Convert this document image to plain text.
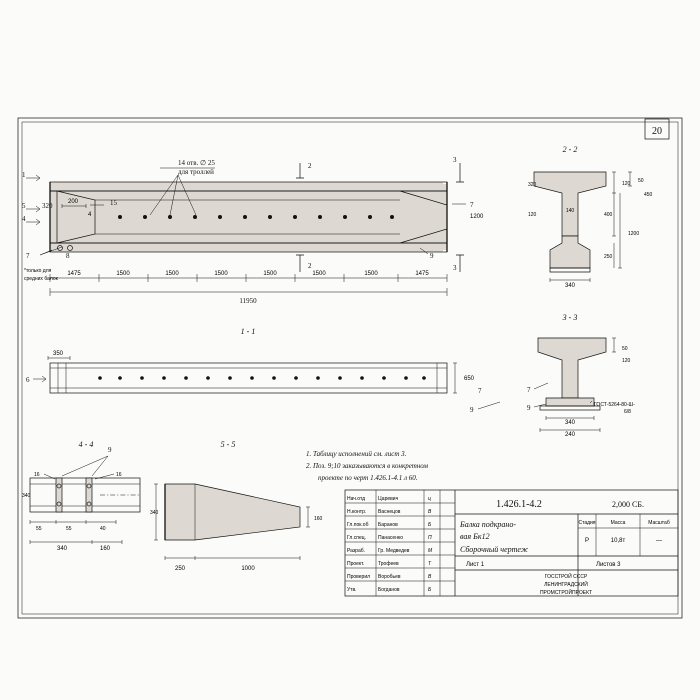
20
14 отв. ∅ 25
для троллей
2
2
3
3
1
5
4
320	200	15
4
7
1200
7	8
*только для
средних балок
9
1475	1500	1500	1500	1500	1500	1500	1475
11950
1 - 1
350
650
6
7
9
2 - 2
120 50
400
1200
250
320
120
140
340
450
3 - 3
50
120
340
240
7
9	ГОСТ-5264-80-Ш-
6/8
4 - 4
9
16	16
340
55	55	40
340	160
5 - 5
340
160
250	1000
1. Таблицу исполнений см. лист 3.
2. Поз. 9;10 заказываются в конкретном
проекте по черт 1.426.1-4.1 л 60.
1.426.1-4.2	2,000 СБ.
Балка подкрано-
вая Бк12
Сборочный чертеж
Стадия	Масса	Масштаб
Р	10,8т	—
Лист 1	Листов 3
ГОССТРОЙ СССР
ЛЕНИНГРАДСКИЙ
ПРОМСТРОЙПРОЕКТ
Нач.отд	Царевич	ц
Н.контр. Васнецов	В
Гл.пок.об Баранов	Б
Гл.спец. Панасенко	П
Разраб.	Гр. Медведев	М
Проект.	Трофеев	Т
Проверил Воробьев	В
Утв.	Богданов	Б
